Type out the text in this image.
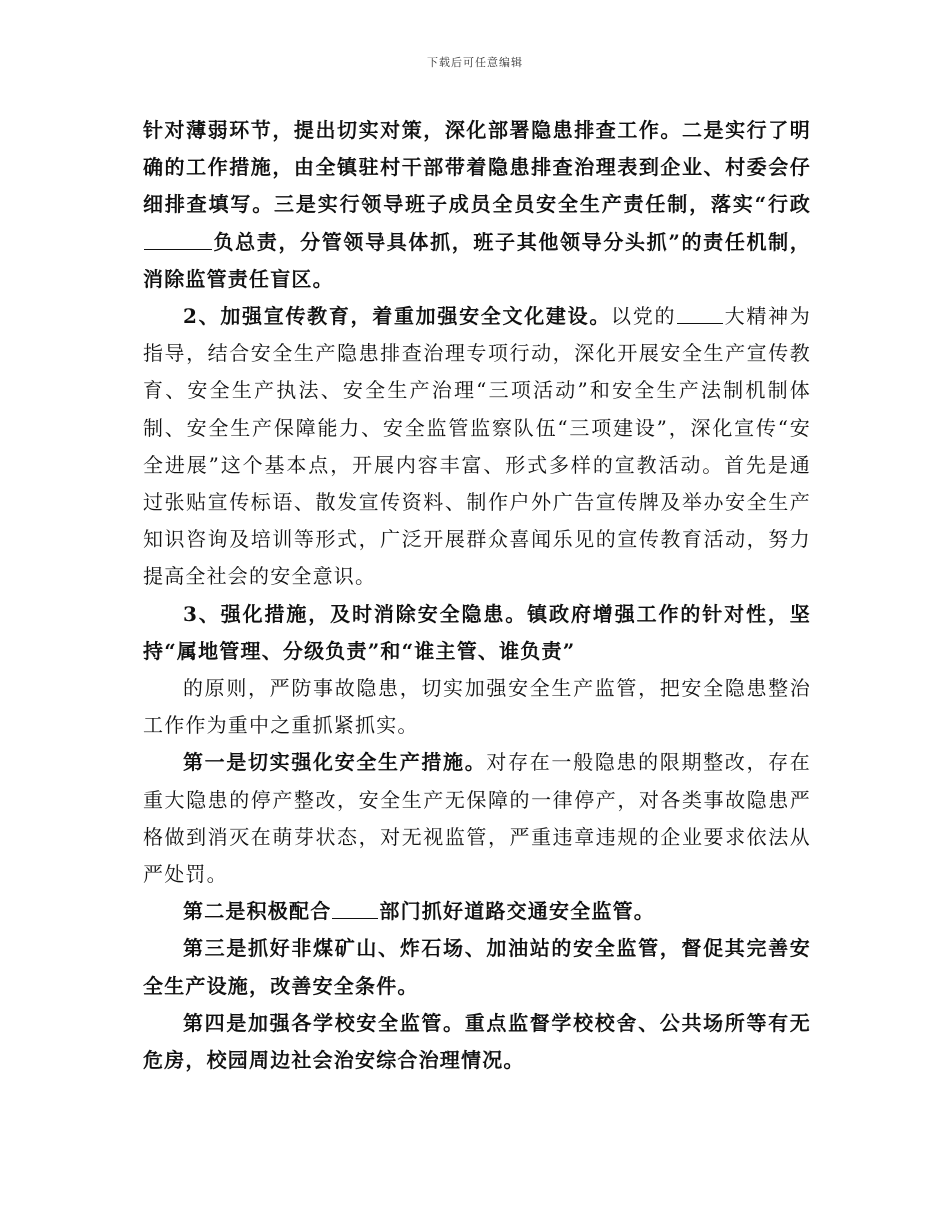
下载后可任意编辑

针对薄弱环节，提出切实对策，深化部署隐患排查工作。二是实行了明确的工作措施，由全镇驻村干部带着隐患排查治理表到企业、村委会仔细排查填写。三是实行领导班子成员全员安全生产责任制，落实“行政负总责，分管领导具体抓，班子其他领导分头抓”的责任机制，消除监管责任盲区。

2、加强宣传教育，着重加强安全文化建设。以党的 大精神为指导，结合安全生产隐患排查治理专项行动，深化开展安全生产宣传教育、安全生产执法、安全生产治理“三项活动”和安全生产法制机制体制、安全生产保障能力、安全监管监察队伍“三项建设”，深化宣传“安全进展”这个基本点，开展内容丰富、形式多样的宣教活动。首先是通过张贴宣传标语、散发宣传资料、制作户外广告宣传牌及举办安全生产知识咨询及培训等形式，广泛开展群众喜闻乐见的宣传教育活动，努力提高全社会的安全意识。

3、强化措施，及时消除安全隐患。镇政府增强工作的针对性，坚持“属地管理、分级负责”和“谁主管、谁负责”

的原则，严防事故隐患，切实加强安全生产监管，把安全隐患整治工作作为重中之重抓紧抓实。

第一是切实强化安全生产措施。对存在一般隐患的限期整改，存在重大隐患的停产整改，安全生产无保障的一律停产，对各类事故隐患严格做到消灭在萌芽状态，对无视监管，严重违章违规的企业要求依法从严处罚。

第二是积极配合 部门抓好道路交通安全监管。

第三是抓好非煤矿山、炸石场、加油站的安全监管，督促其完善安全生产设施，改善安全条件。

第四是加强各学校安全监管。重点监督学校校舍、公共场所等有无危房，校园周边社会治安综合治理情况。
